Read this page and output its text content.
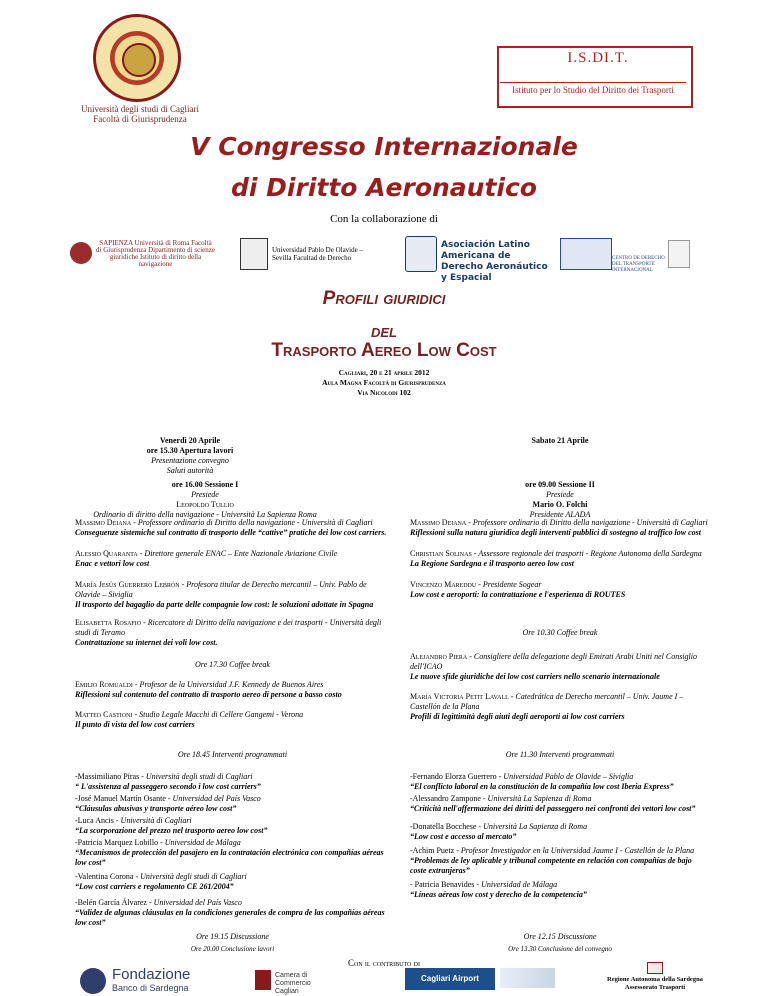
Università degli studi di Cagliari
Facoltà di Giurisprudenza
I.S.DI.T.
Istituto per lo Studio del Diritto dei Trasporti
V Congresso Internazionale
di Diritto Aeronautico
Con la collaborazione di
SAPIENZA Università di Roma Facoltà di Giurisprudenza Dipartimento di scienze giuridiche Istituto di diritto della navigazione
Universidad Pablo De Olavide – Sevilla Facultad de Derecho
Asociación Latino Americana de
Derecho Aeronáutico y Espacial
CENTRO DE DERECHO DEL TRANSPORTE INTERNACIONAL
Profili giuridici
del
Trasporto Aereo Low Cost
Cagliari, 20 e 21 aprile 2012
Aula Magna Facoltà di Giurisprudenza
Via Nicolodi 102
Venerdì 20 Aprile
ore 15.30 Apertura lavori
Presentazione convegno
Saluti autorità
ore 16.00 Sessione I
Presiede
Leopoldo Tullio
Ordinario di diritto della navigazione - Università La Sapienza Roma
Massimo Deiana - Professore ordinario di Diritto della navigazione - Università di Cagliari
Conseguenze sistemiche sul contratto di trasporto delle “cattive” pratiche dei low cost carriers.
Alessio Quaranta - Direttore generale ENAC – Ente Nazionale Aviazione Civile
Enac e vettori low cost
María Jesús Guerrero Lebrón - Profesora titular de Derecho mercantil – Univ. Pablo de Olavide – Siviglia
Il trasporto del bagaglio da parte delle compagnie low cost: le soluzioni adottate in Spagna
Elisabetta Rosafio - Ricercatore di Diritto della navigazione e dei trasporti - Università degli studi di Teramo
Contrattazione su internet dei voli low cost.
Ore 17.30 Coffee break
Emilio Romualdi - Profesor de la Universidad J.F. Kennedy de Buenos Aires
Riflessioni sul contenuto del contratto di trasporto aereo di persone a basso costo
Matteo Castioni - Studio Legale Macchi di Cellere Gangemi - Verona
Il punto di vista del low cost carriers
Ore 18.45 Interventi programmati
-Massimiliano Piras - Università degli studi di Cagliari
“ L'assistenza al passeggero secondo i low cost carriers”
-José Manuel Martín Osante - Universidad del País Vasco
“Cláusulas abusivas y transporte aéreo low cost”
-Luca Ancis - Università di Cagliari
“La scorporazione del prezzo nel trasporto aereo low cost”
-Patricia Marquez Lobillo - Universidad de Málaga
“Mecanismos de protección del pasajero en la contratación electrónica con compañías aéreas low cost”
-Valentina Corona - Università degli studi di Cagliari
“Low cost carriers e regolamento CE 261/2004”
-Belén García Álvarez - Universidad del País Vasco
“Validez de algunas cláusulas en la condiciones generales de compra de las compañías aéreas low cost”
Ore 19.15 Discussione
Ore 20.00 Conclusione lavori
Sabato 21 Aprile
ore 09.00 Sessione II
Presiede
Mario O. Folchi
Presidente ALADA
Massimo Deiana - Professore ordinario di Diritto della navigazione - Università di Cagliari
Riflessioni sulla natura giuridica degli interventi pubblici di sostegno al traffico low cost
Christian Solinas - Assessore regionale dei trasporti - Regione Autonoma della Sardegna
La Regione Sardegna e il trasporto aereo low cost
Vincenzo Mareddu - Presidente Sogear
Low cost e aeroporti: la contrattazione e l'esperienza di ROUTES
Ore 10.30 Coffee break
Alejandro Piera - Consigliere della delegazione degli Emirati Arabi Uniti nel Consiglio dell'ICAO
Le nuove sfide giuridiche dei low cost carriers nello scenario internazionale
María Victoria Petit Lavall - Catedrática de Derecho mercantil – Univ. Jaume I – Castellón de la Plana
Profili di legittimità degli aiuti degli aeroporti ai low cost carriers
Ore 11.30 Interventi programmati
-Fernando Elorza Guerrero - Universidad Pablo de Olavide – Siviglia
“El conflicto laboral en la constitución de la compañía low cost Iberia Express”
-Alessandro Zampone - Università La Sapienza di Roma
“Criticità nell'affermazione dei diritti del passeggero nei confronti dei vettori low cost”
-Donatella Bocchese - Università La Sapienza di Roma
“Low cost e accesso al mercato”
-Achim Puetz - Profesor Investigador en la Universidad Jaume I - Castellón de la Plana
“Problemas de ley aplicable y tribunal competente en relación con compañías de bajo coste extranjeras”
- Patricia Benavides - Universidad de Málaga
“Líneas aéreas low cost y derecho de la competencia”
Ore 12.15 Discussione
Ore 13.30 Conclusione del convegno
Con il contributo di
Fondazione
Banco di Sardegna
Camera di Commercio Cagliari
Cagliari Airport	Regione Autonoma della Sardegna
Assessorato Trasporti
